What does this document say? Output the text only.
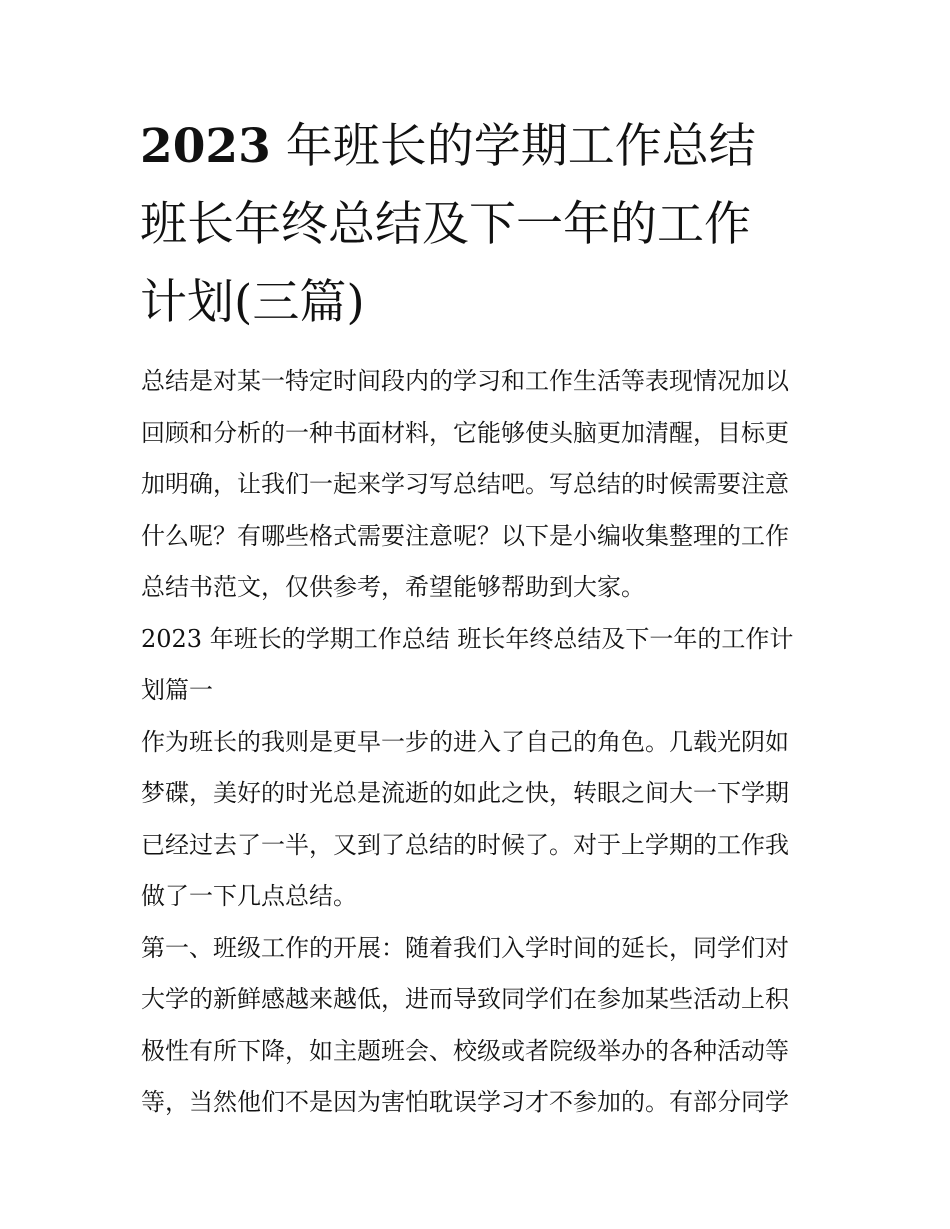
2023 年班长的学期工作总结
班长年终总结及下一年的工作
计划(三篇)
总结是对某一特定时间段内的学习和工作生活等表现情况加以
回顾和分析的一种书面材料，它能够使头脑更加清醒，目标更
加明确，让我们一起来学习写总结吧。写总结的时候需要注意
什么呢？有哪些格式需要注意呢？以下是小编收集整理的工作
总结书范文，仅供参考，希望能够帮助到大家。
2023 年班长的学期工作总结 班长年终总结及下一年的工作计
划篇一
作为班长的我则是更早一步的进入了自己的角色。几载光阴如
梦碟，美好的时光总是流逝的如此之快，转眼之间大一下学期
已经过去了一半，又到了总结的时候了。对于上学期的工作我
做了一下几点总结。
第一、班级工作的开展：随着我们入学时间的延长，同学们对
大学的新鲜感越来越低，进而导致同学们在参加某些活动上积
极性有所下降，如主题班会、校级或者院级举办的各种活动等
等，当然他们不是因为害怕耽误学习才不参加的。有部分同学
